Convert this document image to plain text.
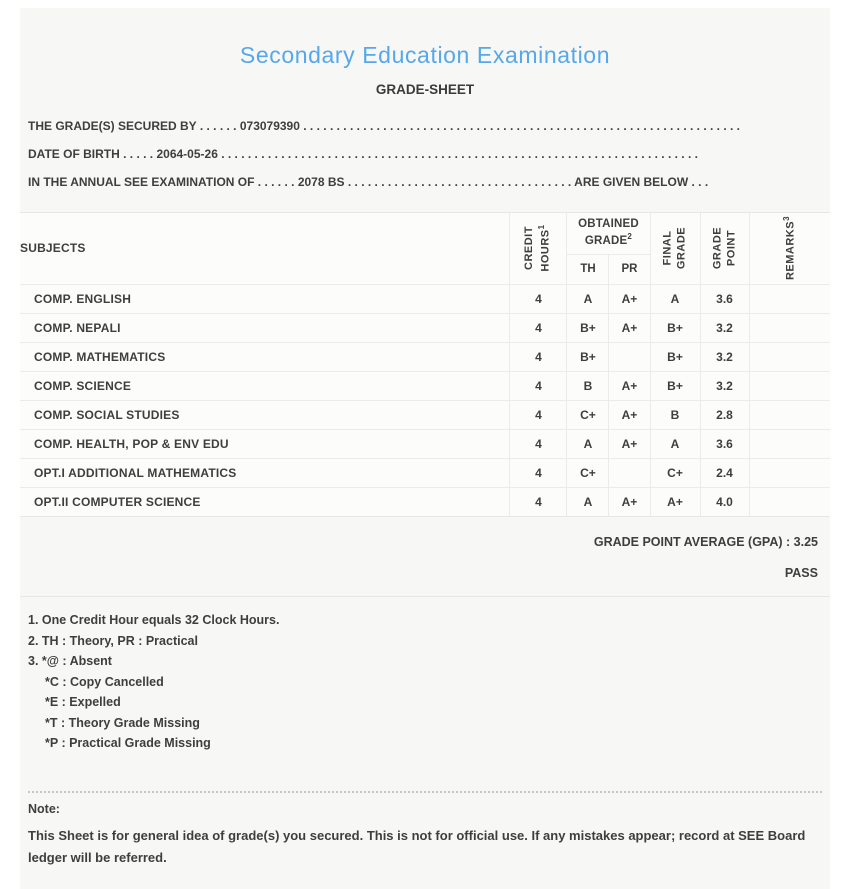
Secondary Education Examination
GRADE-SHEET
THE GRADE(S) SECURED BY . . . . . . 073079390 . . . . . . . . . . . . . . . . . . . . . . . . . . . . . . . . . . . . . . . . . . . . . . . . . . . . . . . . . . . . . . . . . .
DATE OF BIRTH . . . . . 2064-05-26 . . . . . . . . . . . . . . . . . . . . . . . . . . . . . . . . . . . . . . . . . . . . . . . . . . . . . . . . . . . . . . . . . . . . . . . .
IN THE ANNUAL SEE EXAMINATION OF . . . . . . 2078 BS . . . . . . . . . . . . . . . . . . . . . . . . . . . . . . . . . . ARE GIVEN BELOW . . .
SUBJECTS	CREDIT HOURS$^1$	OBTAINED GRADE$^2$		FINAL GRADE	GRADE POINT	REMARKS$^3$

		TH	PR			
COMP. ENGLISH	4	A	A+	A	3.6	
COMP. NEPALI	4	B+	A+	B+	3.2	
COMP. MATHEMATICS	4	B+		B+	3.2	
COMP. SCIENCE	4	B	A+	B+	3.2	
COMP. SOCIAL STUDIES	4	C+	A+	B	2.8	
COMP. HEALTH, POP & ENV EDU	4	A	A+	A	3.6	
OPT.I ADDITIONAL MATHEMATICS	4	C+		C+	2.4	
OPT.II COMPUTER SCIENCE	4	A	A+	A+	4.0	
GRADE POINT AVERAGE (GPA) : 3.25
PASS
1. One Credit Hour equals 32 Clock Hours.
2. TH : Theory, PR : Practical
3. *@ : Absent
*C : Copy Cancelled
*E : Expelled
*T : Theory Grade Missing
*P : Practical Grade Missing
Note:

This Sheet is for general idea of grade(s) you secured. This is not for official use. If any mistakes appear; record at SEE Board ledger will be referred.
